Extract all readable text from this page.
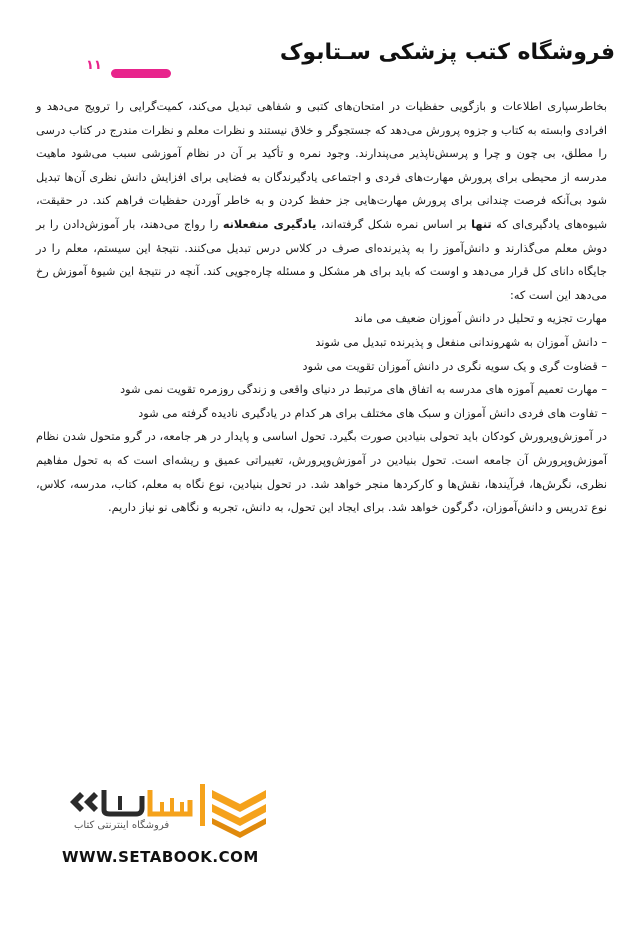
فروشگاه کتب پزشکی سـتابوک
۱۱

بخاطرسپاری اطلاعات و بازگویی حفظیات در امتحان‌های کتبی و شفاهی تبدیل می‌کند، کمیت‌گرایی را ترویج می‌دهد و افرادی وابسته به کتاب و جزوه پرورش می‌دهد که جستجوگر و خلاق نیستند و نظرات معلم و نظرات مندرج در کتاب درسی را مطلق، بی چون و چرا و پرسش‌ناپذیر می‌پندارند. وجود نمره و تأکید بر آن در نظام آموزشی سبب می‌شود ماهیت مدرسه از محیطی برای پرورش مهارت‌های فردی و اجتماعی یادگیرندگان به فضایی برای افزایش دانش نظری آن‌ها تبدیل شود بی‌آنکه فرصت چندانی برای پرورش مهارت‌هایی جز حفظ کردن و به خاطر آوردن حفظیات فراهم کند. در حقیقت، شیوه‌های یادگیری‌ای که تنها بر اساس نمره شکل گرفته‌اند، یادگیری منفعلانه را رواج می‌دهند، بار آموزش‌دادن را بر دوش معلم می‌گذارند و دانش‌آموز را به پذیرنده‌ای صرف در کلاس درس تبدیل می‌کنند. نتیجهٔ این سیستم، معلم را در جایگاه دانای کل قرار می‌دهد و اوست که باید برای هر مشکل و مسئله چاره‌جویی کند. آنچه در نتیجهٔ این شیوهٔ آموزش رخ می‌دهد این است که:

مهارت تجزیه و تحلیل در دانش آموزان ضعیف می ماند

– دانش آموزان به شهروندانی منفعل و پذیرنده تبدیل می شوند

– قضاوت گری و یک سویه نگری در دانش آموزان تقویت می شود

– مهارت تعمیم آموزه های مدرسه به اتفاق های مرتبط در دنیای واقعی و زندگی روزمره تقویت نمی شود

– تفاوت های فردی دانش آموزان و سبک های مختلف برای هر کدام در یادگیری نادیده گرفته می شود

در آموزش‌وپرورش کودکان باید تحولی بنیادین صورت بگیرد. تحول اساسی و پایدار در هر جامعه، در گرو متحول شدن نظام آموزش‌وپرورش آن جامعه است. تحول بنیادین در آموزش‌وپرورش، تغییراتی عمیق و ریشه‌ای است که به تحول مفاهیم نظری، نگرش‌ها، فرآیندها، نقش‌ها و کارکردها منجر خواهد شد. در تحول بنیادین، نوع نگاه به معلم، کتاب، مدرسه، کلاس، نوع تدریس و دانش‌آموزان، دگرگون خواهد شد. برای ایجاد این تحول، به دانش، تجربه و نگاهی نو نیاز داریم.

فروشگاه اینترنتی کتاب
WWW.SETABOOK.COM
